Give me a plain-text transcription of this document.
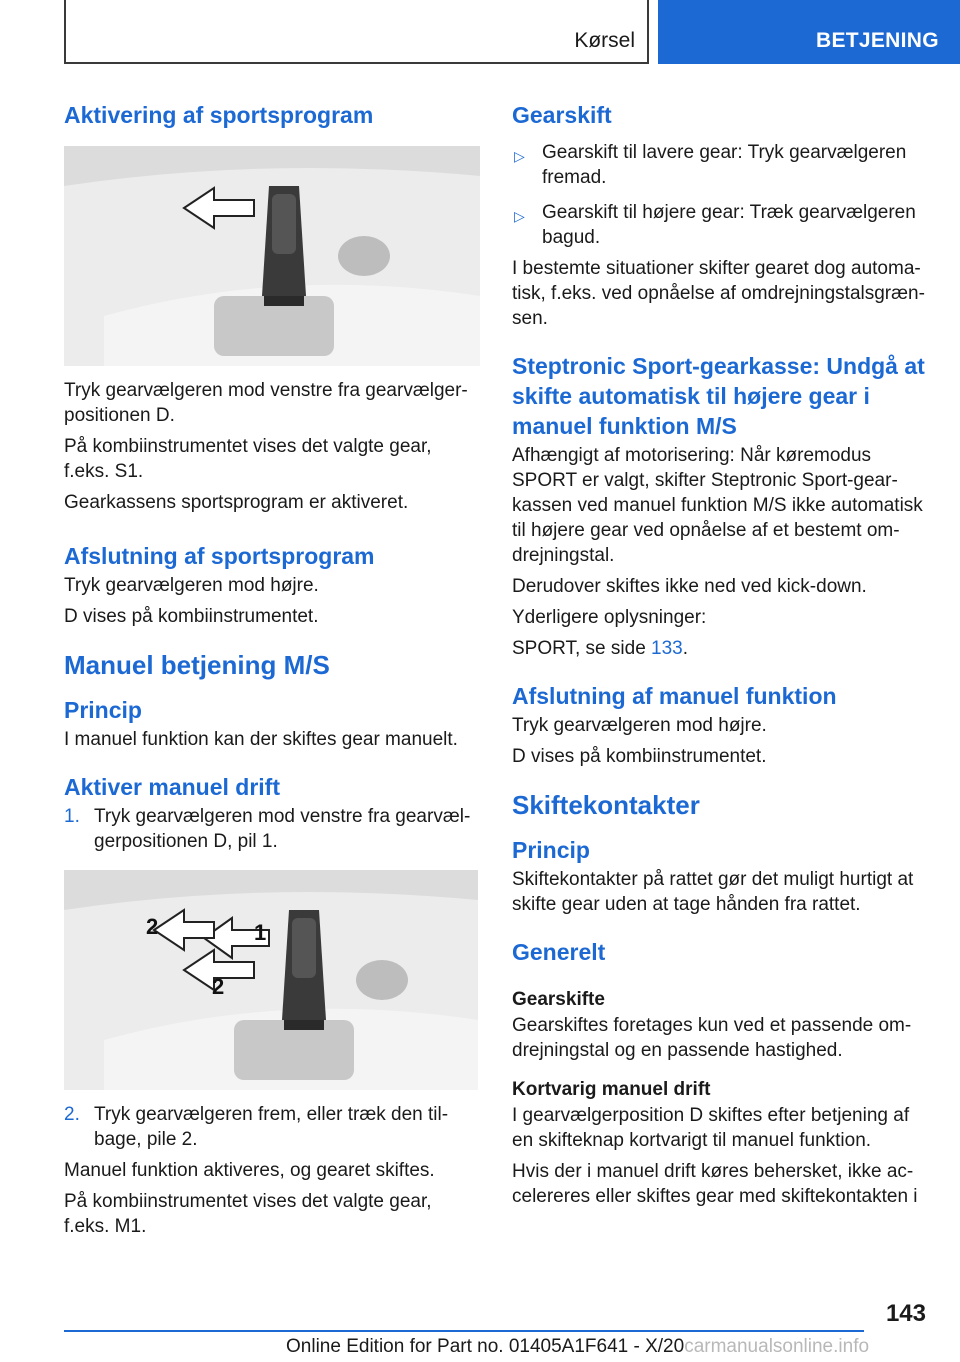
Kørsel	BETJENING
Aktivering af sportsprogram

Tryk gearvælgeren mod venstre fra gearvælger‐ positionen D.

På kombiinstrumentet vises det valgte gear, f.eks. S1.

Gearkassens sportsprogram er aktiveret.

Afslutning af sportsprogram

Tryk gearvælgeren mod højre.

D vises på kombiinstrumentet.

Manuel betjening M/S
Princip

I manuel funktion kan der skiftes gear manuelt.

Aktiver manuel drift
1. Tryk gearvælgeren mod venstre fra gearvæl‐ gerpositionen D, pil 1.
1
2
2
2. Tryk gearvælgeren frem, eller træk den til‐ bage, pile 2.

Manuel funktion aktiveres, og gearet skiftes.

På kombiinstrumentet vises det valgte gear, f.eks. M1.

Gearskift
▷ Gearskift til lavere gear: Tryk gearvælgeren fremad.
▷ Gearskift til højere gear: Træk gearvælgeren bagud.

I bestemte situationer skifter gearet dog automa‐ tisk, f.eks. ved opnåelse af omdrejningstalsgræn‐ sen.

Steptronic Sport-gearkasse: Undgå at skifte automatisk til højere gear i manuel funktion M/S

Afhængigt af motorisering: Når køremodus SPORT er valgt, skifter Steptronic Sport-gear‐ kassen ved manuel funktion M/S ikke automatisk til højere gear ved opnåelse af et bestemt om‐ drejningstal.

Derudover skiftes ikke ned ved kick-down.

Yderligere oplysninger:

SPORT, se side 133.

Afslutning af manuel funktion

Tryk gearvælgeren mod højre.

D vises på kombiinstrumentet.

Skiftekontakter
Princip

Skiftekontakter på rattet gør det muligt hurtigt at skifte gear uden at tage hånden fra rattet.

Generelt
Gearskifte

Gearskiftes foretages kun ved et passende om‐ drejningstal og en passende hastighed.

Kortvarig manuel drift

I gearvælgerposition D skiftes efter betjening af en skifteknap kortvarigt til manuel funktion.

Hvis der i manuel drift køres behersket, ikke ac‐ celereres eller skiftes gear med skiftekontakten i

143
Online Edition for Part no. 01405A1F641 - X/20carmanualsonline.info
